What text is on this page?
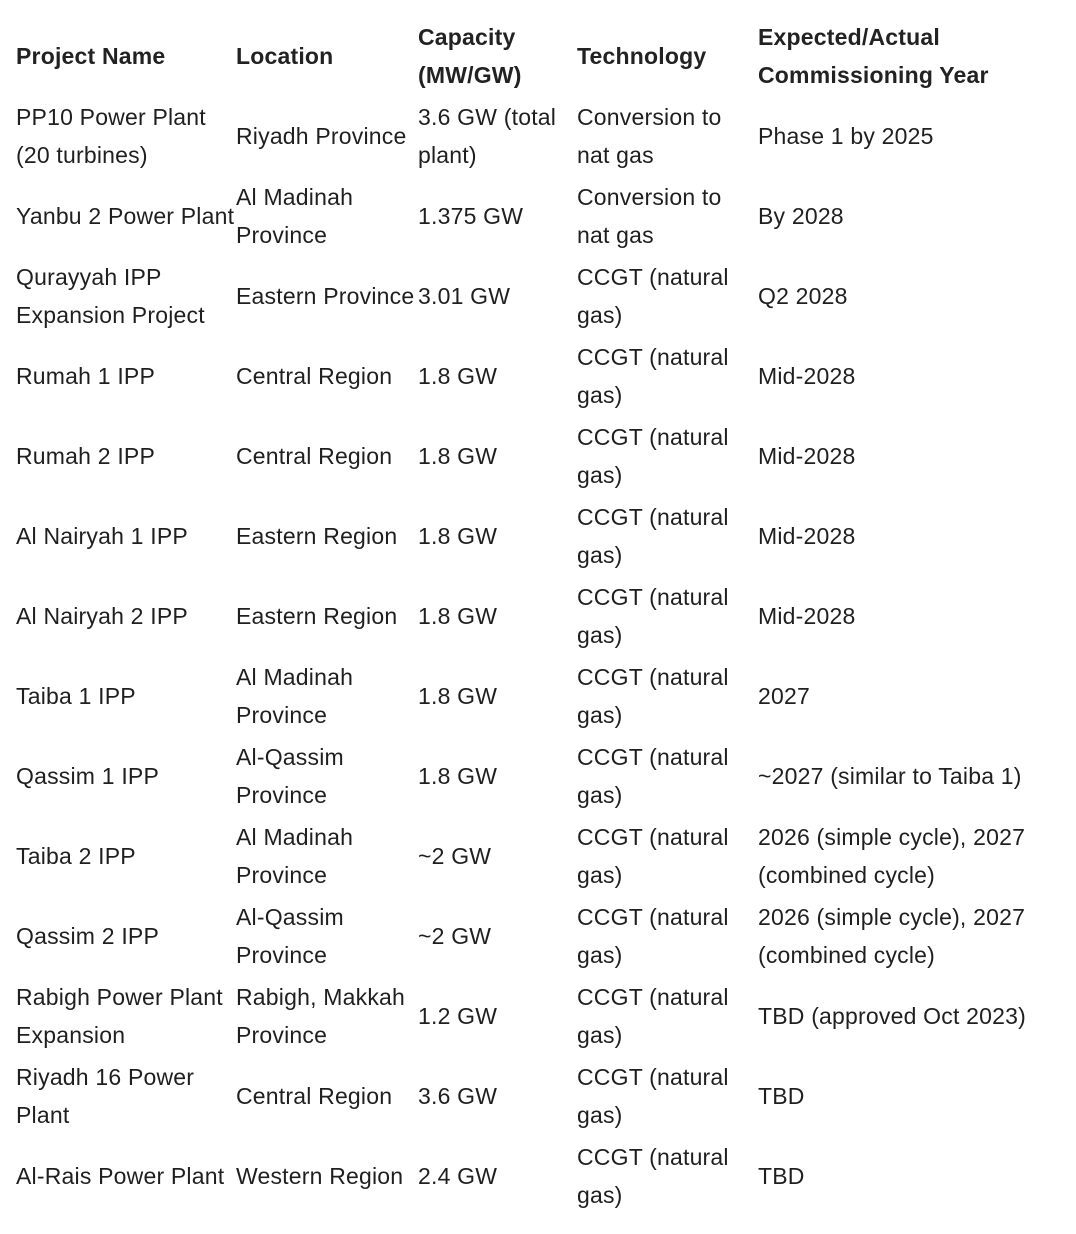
Project Name	Location	Capacity (MW/GW)	Technology	Expected/Actual Commissioning Year
PP10 Power Plant (20 turbines)	Riyadh Province	3.6 GW (total plant)	Conversion to nat gas	Phase 1 by 2025
Yanbu 2 Power Plant	Al Madinah Province	1.375 GW	Conversion to nat gas	By 2028
Qurayyah IPP Expansion Project	Eastern Province	3.01 GW	CCGT (natural gas)	Q2 2028
Rumah 1 IPP	Central Region	1.8 GW	CCGT (natural gas)	Mid-2028
Rumah 2 IPP	Central Region	1.8 GW	CCGT (natural gas)	Mid-2028
Al Nairyah 1 IPP	Eastern Region	1.8 GW	CCGT (natural gas)	Mid-2028
Al Nairyah 2 IPP	Eastern Region	1.8 GW	CCGT (natural gas)	Mid-2028
Taiba 1 IPP	Al Madinah Province	1.8 GW	CCGT (natural gas)	2027
Qassim 1 IPP	Al-Qassim Province	1.8 GW	CCGT (natural gas)	~2027 (similar to Taiba 1)
Taiba 2 IPP	Al Madinah Province	~2 GW	CCGT (natural gas)	2026 (simple cycle), 2027 (combined cycle)
Qassim 2 IPP	Al-Qassim Province	~2 GW	CCGT (natural gas)	2026 (simple cycle), 2027 (combined cycle)
Rabigh Power Plant Expansion	Rabigh, Makkah Province	1.2 GW	CCGT (natural gas)	TBD (approved Oct 2023)
Riyadh 16 Power Plant	Central Region	3.6 GW	CCGT (natural gas)	TBD
Al-Rais Power Plant	Western Region	2.4 GW	CCGT (natural gas)	TBD
